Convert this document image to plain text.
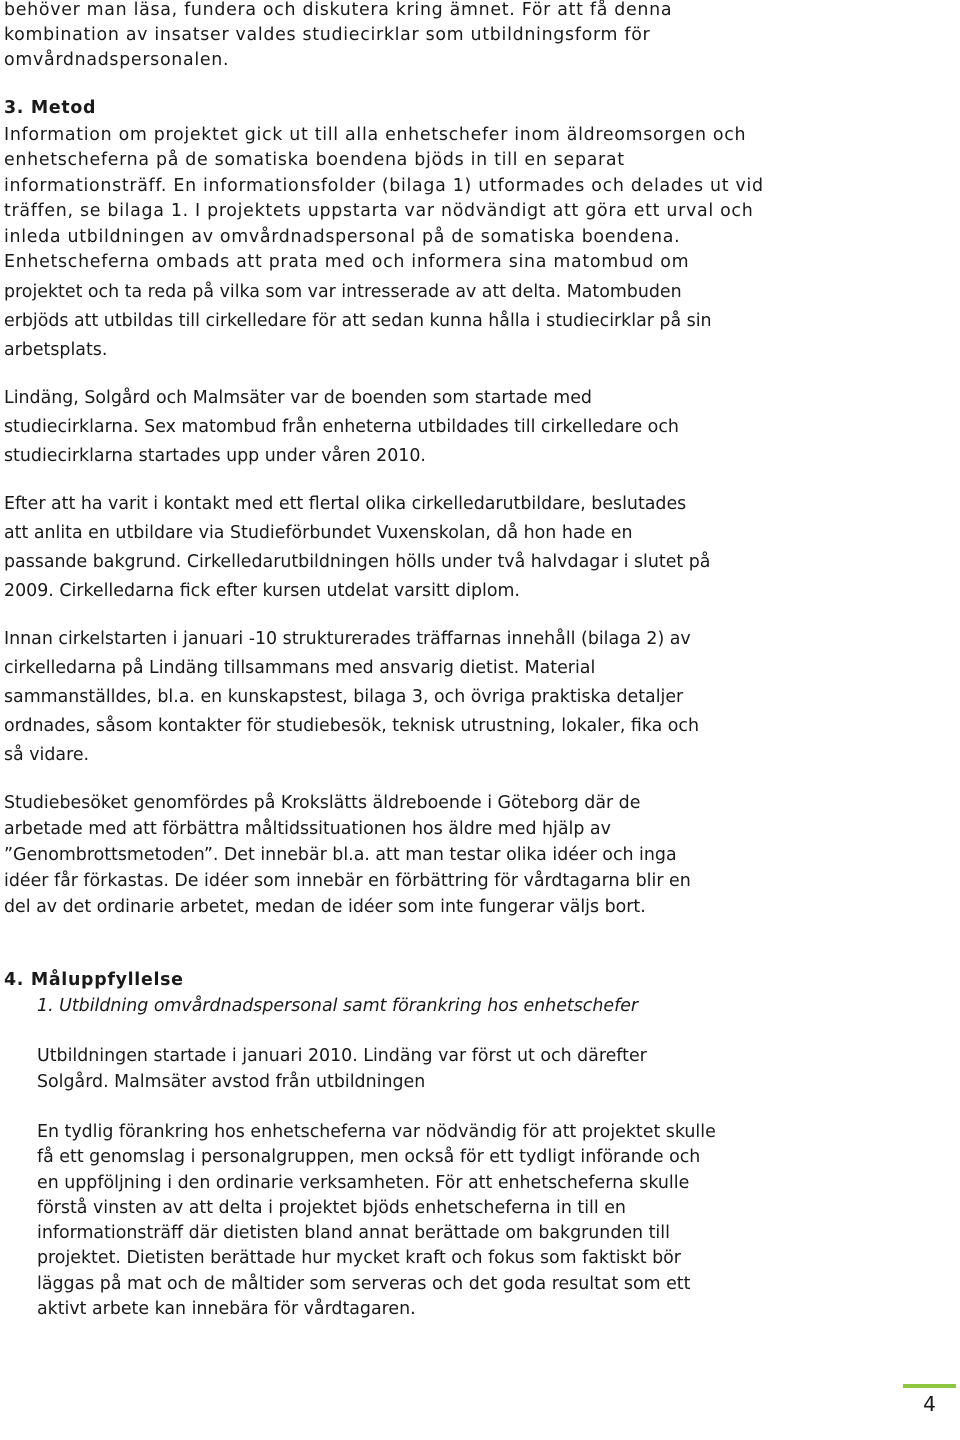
behöver man läsa, fundera och diskutera kring ämnet. För att få denna
kombination av insatser valdes studiecirklar som utbildningsform för
omvårdnadspersonalen.
3. Metod
Information om projektet gick ut till alla enhetschefer inom äldreomsorgen och
enhetscheferna på de somatiska boendena bjöds in till en separat
informationsträff. En informationsfolder (bilaga 1) utformades och delades ut vid
träffen, se bilaga 1. I projektets uppstarta var nödvändigt att göra ett urval och
inleda utbildningen av omvårdnadspersonal på de somatiska boendena.
Enhetscheferna ombads att prata med och informera sina matombud om
projektet och ta reda på vilka som var intresserade av att delta. Matombuden
erbjöds att utbildas till cirkelledare för att sedan kunna hålla i studiecirklar på sin
arbetsplats.
Lindäng, Solgård och Malmsäter var de boenden som startade med
studiecirklarna. Sex matombud från enheterna utbildades till cirkelledare och
studiecirklarna startades upp under våren 2010.
Efter att ha varit i kontakt med ett flertal olika cirkelledarutbildare, beslutades
att anlita en utbildare via Studieförbundet Vuxenskolan, då hon hade en
passande bakgrund. Cirkelledarutbildningen hölls under två halvdagar i slutet på
2009. Cirkelledarna fick efter kursen utdelat varsitt diplom.
Innan cirkelstarten i januari -10 strukturerades träffarnas innehåll (bilaga 2) av
cirkelledarna på Lindäng tillsammans med ansvarig dietist. Material
sammanställdes, bl.a. en kunskapstest, bilaga 3, och övriga praktiska detaljer
ordnades, såsom kontakter för studiebesök, teknisk utrustning, lokaler, fika och
så vidare.
Studiebesöket genomfördes på Krokslätts äldreboende i Göteborg där de
arbetade med att förbättra måltidssituationen hos äldre med hjälp av
”Genombrottsmetoden”. Det innebär bl.a. att man testar olika idéer och inga
idéer får förkastas. De idéer som innebär en förbättring för vårdtagarna blir en
del av det ordinarie arbetet, medan de idéer som inte fungerar väljs bort.
4. Måluppfyllelse
1. Utbildning omvårdnadspersonal samt förankring hos enhetschefer
Utbildningen startade i januari 2010. Lindäng var först ut och därefter
Solgård. Malmsäter avstod från utbildningen
En tydlig förankring hos enhetscheferna var nödvändig för att projektet skulle
få ett genomslag i personalgruppen, men också för ett tydligt införande och
en uppföljning i den ordinarie verksamheten. För att enhetscheferna skulle
förstå vinsten av att delta i projektet bjöds enhetscheferna in till en
informationsträff där dietisten bland annat berättade om bakgrunden till
projektet. Dietisten berättade hur mycket kraft och fokus som faktiskt bör
läggas på mat och de måltider som serveras och det goda resultat som ett
aktivt arbete kan innebära för vårdtagaren.
4
